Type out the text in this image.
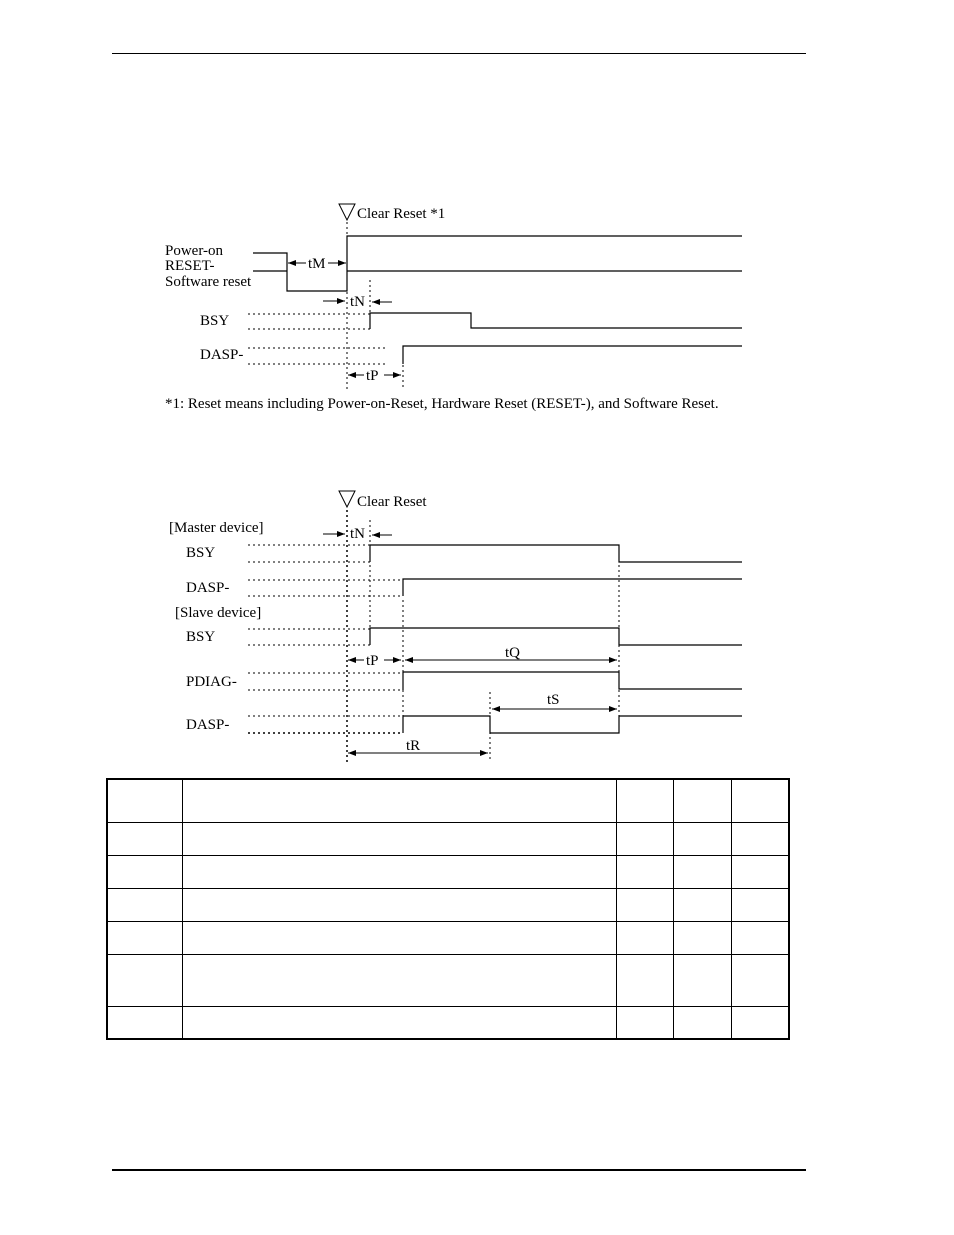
Clear Reset *1
Power-on
RESET-
Software reset
BSY
DASP-
tM
tN
tP
*1: Reset means including Power-on-Reset, Hardware Reset (RESET-), and Software Reset.
Clear Reset
[Master device]
BSY
DASP-
[Slave device]
BSY
PDIAG-
DASP-
tN
tP	tQ
tS
tR
